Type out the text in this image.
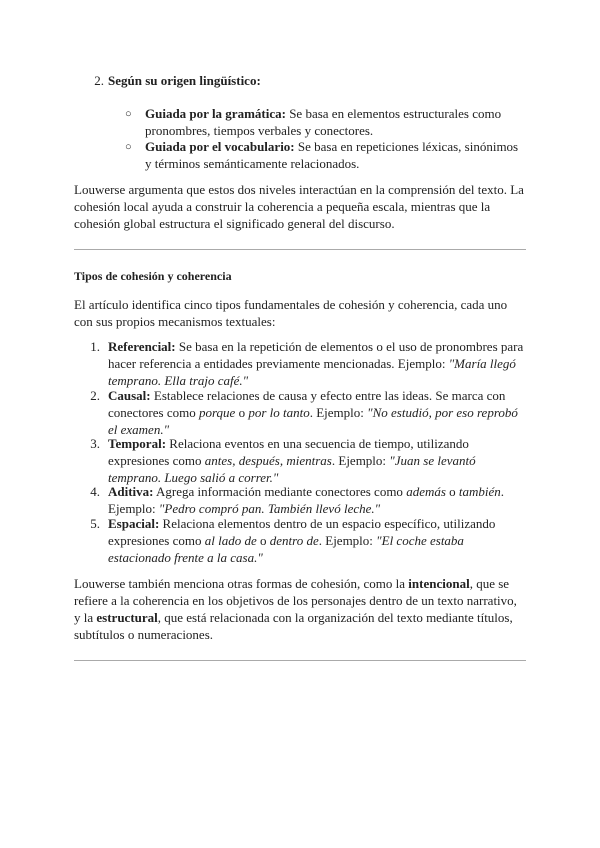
2. Según su origen lingüístico:
○ Guiada por la gramática: Se basa en elementos estructurales como pronombres, tiempos verbales y conectores.
○ Guiada por el vocabulario: Se basa en repeticiones léxicas, sinónimos y términos semánticamente relacionados.
Louwerse argumenta que estos dos niveles interactúan en la comprensión del texto. La cohesión local ayuda a construir la coherencia a pequeña escala, mientras que la cohesión global estructura el significado general del discurso.
Tipos de cohesión y coherencia
El artículo identifica cinco tipos fundamentales de cohesión y coherencia, cada uno con sus propios mecanismos textuales:
1. Referencial: Se basa en la repetición de elementos o el uso de pronombres para hacer referencia a entidades previamente mencionadas. Ejemplo: "María llegó temprano. Ella trajo café."
2. Causal: Establece relaciones de causa y efecto entre las ideas. Se marca con conectores como porque o por lo tanto. Ejemplo: "No estudió, por eso reprobó el examen."
3. Temporal: Relaciona eventos en una secuencia de tiempo, utilizando expresiones como antes, después, mientras. Ejemplo: "Juan se levantó temprano. Luego salió a correr."
4. Aditiva: Agrega información mediante conectores como además o también. Ejemplo: "Pedro compró pan. También llevó leche."
5. Espacial: Relaciona elementos dentro de un espacio específico, utilizando expresiones como al lado de o dentro de. Ejemplo: "El coche estaba estacionado frente a la casa."
Louwerse también menciona otras formas de cohesión, como la intencional, que se refiere a la coherencia en los objetivos de los personajes dentro de un texto narrativo, y la estructural, que está relacionada con la organización del texto mediante títulos, subtítulos o numeraciones.
